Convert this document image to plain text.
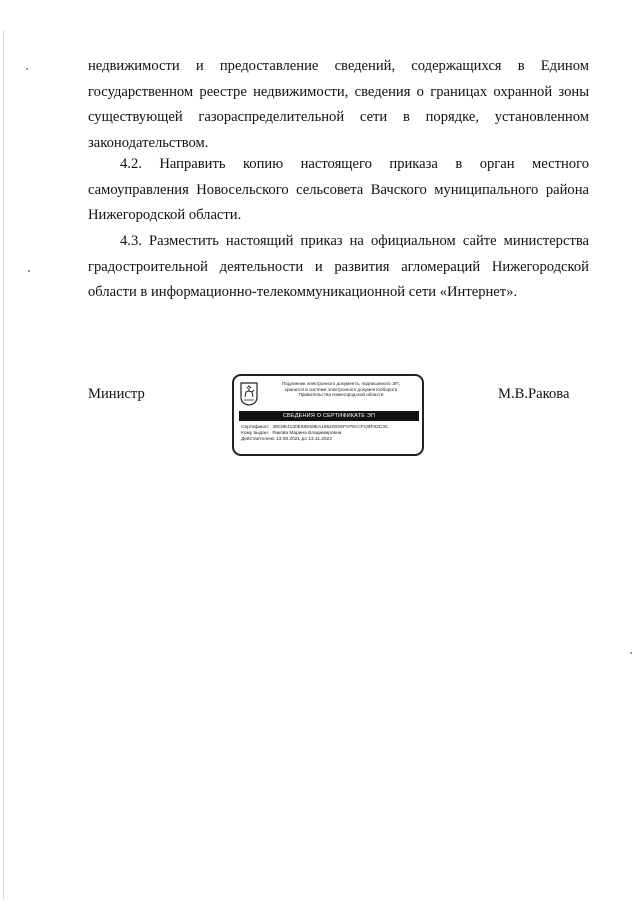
недвижимости и предоставление сведений, содержащихся в Едином государственном реестре недвижимости, сведения о границах охранной зоны существующей газораспределительной сети в порядке, установленном законодательством.

4.2. Направить копию настоящего приказа в орган местного самоуправления Новосельского сельсовета Вачского муниципального района Нижегородской области.

4.3. Разместить настоящий приказ на официальном сайте министерства градостроительной деятельности и развития агломераций Нижегородской области в информационно-телекоммуникационной сети «Интернет».

Министр	М.В.Ракова
Подлинник электронного документа, подписанного ЭП,
хранится в системе электронного документооборота
Правительства Нижегородской области
СВЕДЕНИЯ О СЕРТИФИКАТЕ ЭП
Сертификат: 39C8E4130E88E59EA1852003SF075CCFCBF92C3C
Кому выдан: Ракова Марина Владимировна
Действителен: с 13.08.2021 до 13.11.2022
